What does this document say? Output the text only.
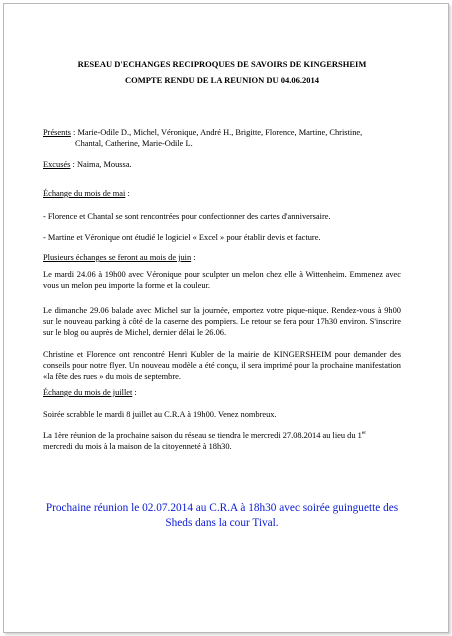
RESEAU D'ECHANGES RECIPROQUES DE SAVOIRS DE KINGERSHEIM
COMPTE RENDU DE LA REUNION DU 04.06.2014
Présents : Marie-Odile D., Michel, Véronique, André H., Brigitte, Florence, Martine, Christine,
Chantal, Catherine, Marie-Odile L.
Excusés : Naima, Moussa.
Échange du mois de mai :
- Florence et Chantal se sont rencontrées pour confectionner des cartes d'anniversaire.
- Martine et Véronique ont étudié le logiciel « Excel » pour établir devis et facture.
Plusieurs échanges se feront au mois de juin :
Le mardi 24.06 à 19h00 avec Véronique pour sculpter un melon chez elle à Wittenheim. Emmenez avec vous un melon peu importe la forme et la couleur.
Le dimanche 29.06 balade avec Michel sur la journée, emportez votre pique-nique. Rendez-vous à 9h00 sur le nouveau parking à côté de la caserne des pompiers. Le retour se fera pour 17h30 environ. S'inscrire sur le blog ou auprès de Michel, dernier délai le 26.06.
Christine et Florence ont rencontré Henri Kubler de la mairie de KINGERSHEIM pour demander des conseils pour notre flyer. Un nouveau modèle a été conçu, il sera imprimé pour la prochaine manifestation «la fête des rues » du mois de septembre.
Échange du mois de juillet :
Soirée scrabble le mardi 8 juillet au C.R.A à 19h00. Venez nombreux.
La 1ère réunion de la prochaine saison du réseau se tiendra le mercredi 27.08.2014 au lieu du 1er
mercredi du mois à la maison de la citoyenneté à 18h30.
Prochaine réunion le 02.07.2014 au C.R.A à 18h30 avec soirée guinguette des Sheds dans la cour Tival.
